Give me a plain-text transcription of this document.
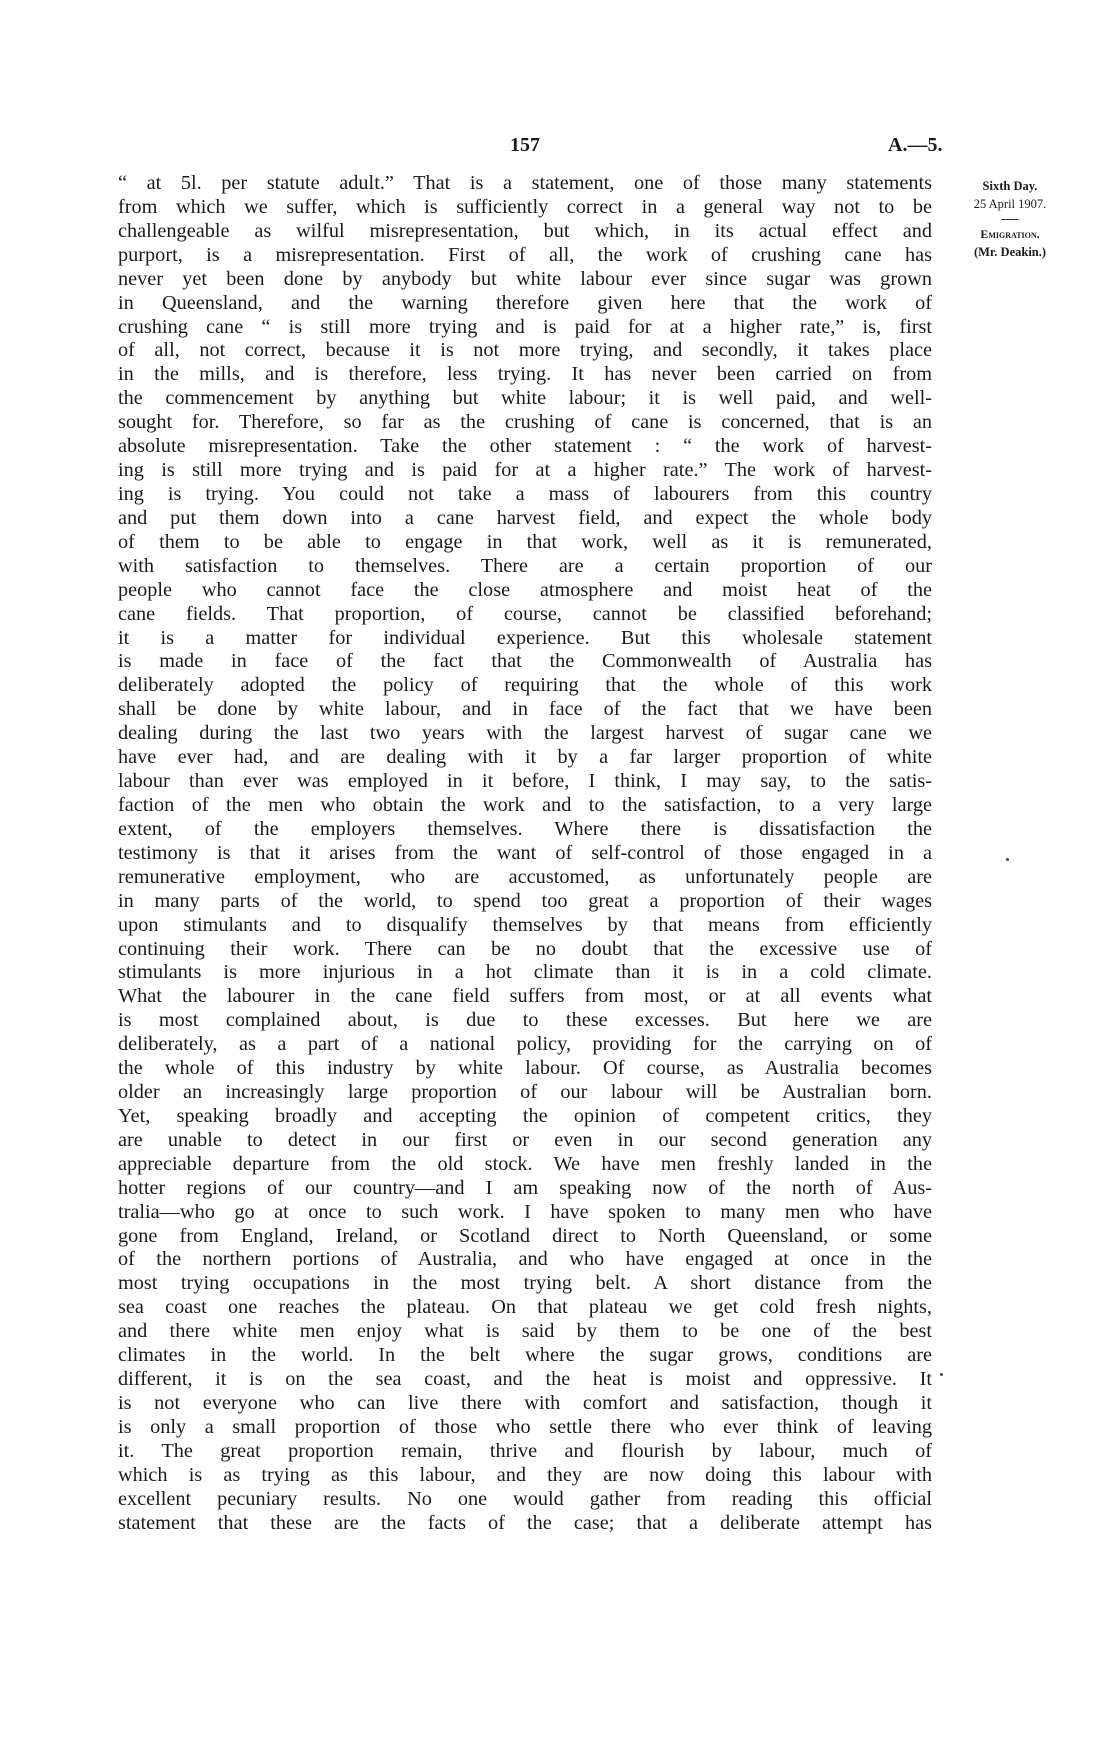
157	A.—5.
Sixth Day.
25 April 1907.
Emigration.
(Mr. Deakin.)
“ at 5l. per statute adult.” That is a statement, one of those many statements
from which we suffer, which is sufficiently correct in a general way not to be
challengeable as wilful misrepresentation, but which, in its actual effect and
purport, is a misrepresentation. First of all, the work of crushing cane has
never yet been done by anybody but white labour ever since sugar was grown
in Queensland, and the warning therefore given here that the work of
crushing cane “ is still more trying and is paid for at a higher rate,” is, first
of all, not correct, because it is not more trying, and secondly, it takes place
in the mills, and is therefore, less trying. It has never been carried on from
the commencement by anything but white labour; it is well paid, and well-
sought for. Therefore, so far as the crushing of cane is concerned, that is an
absolute misrepresentation. Take the other statement : “ the work of harvest-
ing is still more trying and is paid for at a higher rate.” The work of harvest-
ing is trying. You could not take a mass of labourers from this country
and put them down into a cane harvest field, and expect the whole body
of them to be able to engage in that work, well as it is remunerated,
with satisfaction to themselves. There are a certain proportion of our
people who cannot face the close atmosphere and moist heat of the
cane fields. That proportion, of course, cannot be classified beforehand;
it is a matter for individual experience. But this wholesale statement
is made in face of the fact that the Commonwealth of Australia has
deliberately adopted the policy of requiring that the whole of this work
shall be done by white labour, and in face of the fact that we have been
dealing during the last two years with the largest harvest of sugar cane we
have ever had, and are dealing with it by a far larger proportion of white
labour than ever was employed in it before, I think, I may say, to the satis-
faction of the men who obtain the work and to the satisfaction, to a very large
extent, of the employers themselves. Where there is dissatisfaction the
testimony is that it arises from the want of self-control of those engaged in a
remunerative employment, who are accustomed, as unfortunately people are
in many parts of the world, to spend too great a proportion of their wages
upon stimulants and to disqualify themselves by that means from efficiently
continuing their work. There can be no doubt that the excessive use of
stimulants is more injurious in a hot climate than it is in a cold climate.
What the labourer in the cane field suffers from most, or at all events what
is most complained about, is due to these excesses. But here we are
deliberately, as a part of a national policy, providing for the carrying on of
the whole of this industry by white labour. Of course, as Australia becomes
older an increasingly large proportion of our labour will be Australian born.
Yet, speaking broadly and accepting the opinion of competent critics, they
are unable to detect in our first or even in our second generation any
appreciable departure from the old stock. We have men freshly landed in the
hotter regions of our country—and I am speaking now of the north of Aus-
tralia—who go at once to such work. I have spoken to many men who have
gone from England, Ireland, or Scotland direct to North Queensland, or some
of the northern portions of Australia, and who have engaged at once in the
most trying occupations in the most trying belt. A short distance from the
sea coast one reaches the plateau. On that plateau we get cold fresh nights,
and there white men enjoy what is said by them to be one of the best
climates in the world. In the belt where the sugar grows, conditions are
different, it is on the sea coast, and the heat is moist and oppressive. It
is not everyone who can live there with comfort and satisfaction, though it
is only a small proportion of those who settle there who ever think of leaving
it. The great proportion remain, thrive and flourish by labour, much of
which is as trying as this labour, and they are now doing this labour with
excellent pecuniary results. No one would gather from reading this official
statement that these are the facts of the case; that a deliberate attempt has
